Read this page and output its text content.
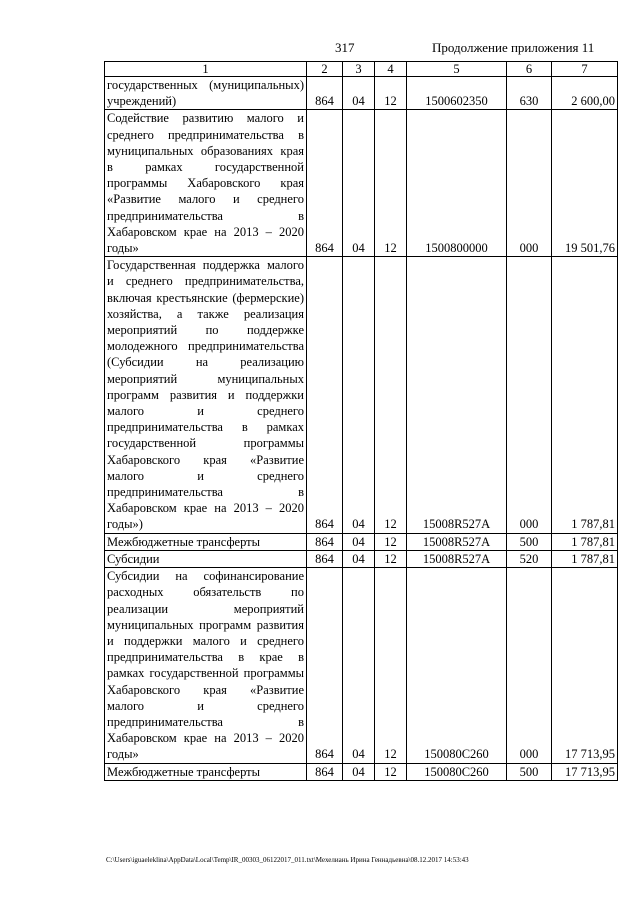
317	Продолжение приложения 11
1	2	3	4	5	6	7
государственных (муниципальных) учреждений)	864	04	12	1500602350	630	2 600,00
Содействие развитию малого и среднего предпринимательства в муниципальных образованиях края в рамках государственной программы Хабаровского края «Развитие малого и среднего предпринимательства в Хабаровском крае на 2013 – 2020 годы»	864	04	12	1500800000	000	19 501,76
Государственная поддержка малого и среднего предпринимательства, включая крестьянские (фермерские) хозяйства, а также реализация мероприятий по поддержке молодежного предпринимательства (Субсидии на реализацию мероприятий муниципальных программ развития и поддержки малого и среднего предпринимательства в рамках государственной программы Хабаровского края «Развитие малого и среднего предпринимательства в Хабаровском крае на 2013 – 2020 годы»)	864	04	12	15008R527A	000	1 787,81
Межбюджетные трансферты	864	04	12	15008R527A	500	1 787,81
Субсидии	864	04	12	15008R527A	520	1 787,81
Субсидии на софинансирование расходных обязательств по реализации мероприятий муниципальных программ развития и поддержки малого и среднего предпринимательства в крае в рамках государственной программы Хабаровского края «Развитие малого и среднего предпринимательства в Хабаровском крае на 2013 – 2020 годы»	864	04	12	150080С260	000	17 713,95
Межбюджетные трансферты	864	04	12	150080С260	500	17 713,95
C:\Users\iguaeleklina\AppData\Local\Temp\IR_00303_06122017_011.txt\Мехелиань Ирина Геннадьевна\08.12.2017 14:53:43
